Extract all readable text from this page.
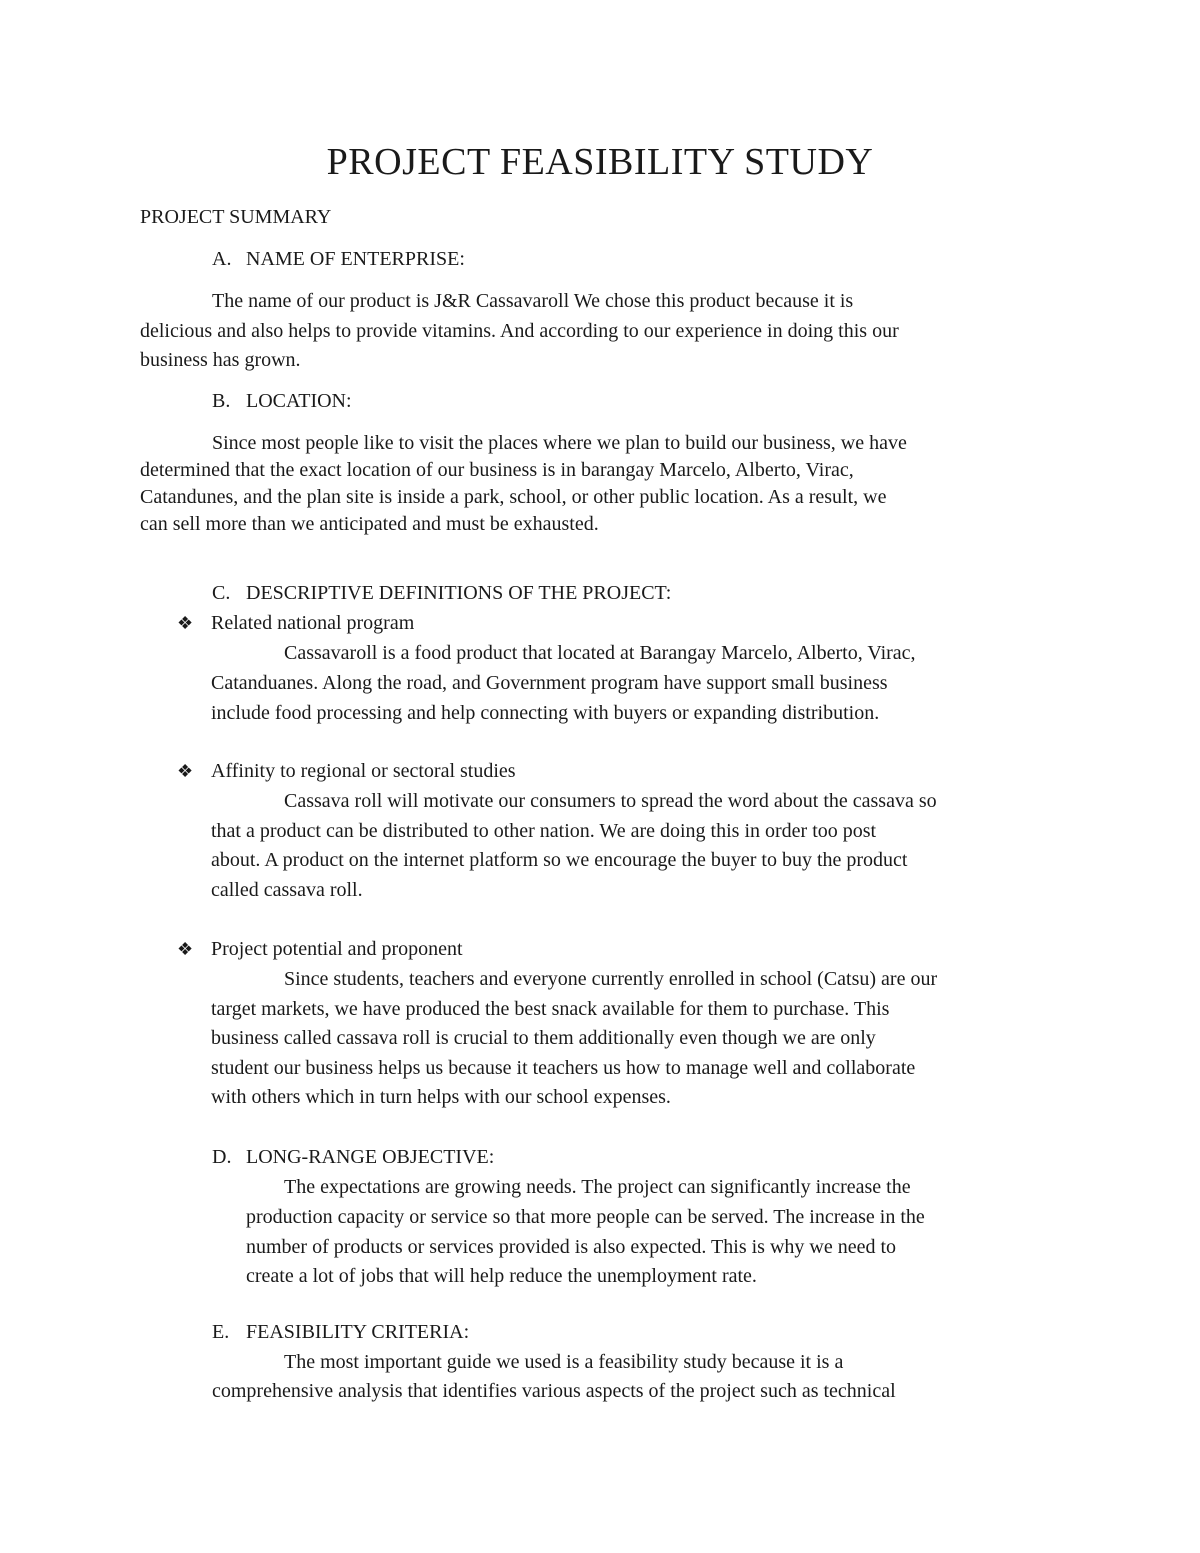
PROJECT FEASIBILITY STUDY
PROJECT SUMMARY
A. NAME OF ENTERPRISE:
The name of our product is J&R Cassavaroll We chose this product because it is
delicious and also helps to provide vitamins. And according to our experience in doing this our
business has grown.
B. LOCATION:
Since most people like to visit the places where we plan to build our business, we have
determined that the exact location of our business is in barangay Marcelo, Alberto, Virac,
Catandunes, and the plan site is inside a park, school, or other public location. As a result, we
can sell more than we anticipated and must be exhausted.
C. DESCRIPTIVE DEFINITIONS OF THE PROJECT:
❖ Related national program
Cassavaroll is a food product that located at Barangay Marcelo, Alberto, Virac,
Catanduanes. Along the road, and Government program have support small business
include food processing and help connecting with buyers or expanding distribution.
❖ Affinity to regional or sectoral studies
Cassava roll will motivate our consumers to spread the word about the cassava so
that a product can be distributed to other nation. We are doing this in order too post
about. A product on the internet platform so we encourage the buyer to buy the product
called cassava roll.
❖ Project potential and proponent
Since students, teachers and everyone currently enrolled in school (Catsu) are our
target markets, we have produced the best snack available for them to purchase. This
business called cassava roll is crucial to them additionally even though we are only
student our business helps us because it teachers us how to manage well and collaborate
with others which in turn helps with our school expenses.
D. LONG-RANGE OBJECTIVE:
The expectations are growing needs. The project can significantly increase the
production capacity or service so that more people can be served. The increase in the
number of products or services provided is also expected. This is why we need to
create a lot of jobs that will help reduce the unemployment rate.
E. FEASIBILITY CRITERIA:
The most important guide we used is a feasibility study because it is a
comprehensive analysis that identifies various aspects of the project such as technical
